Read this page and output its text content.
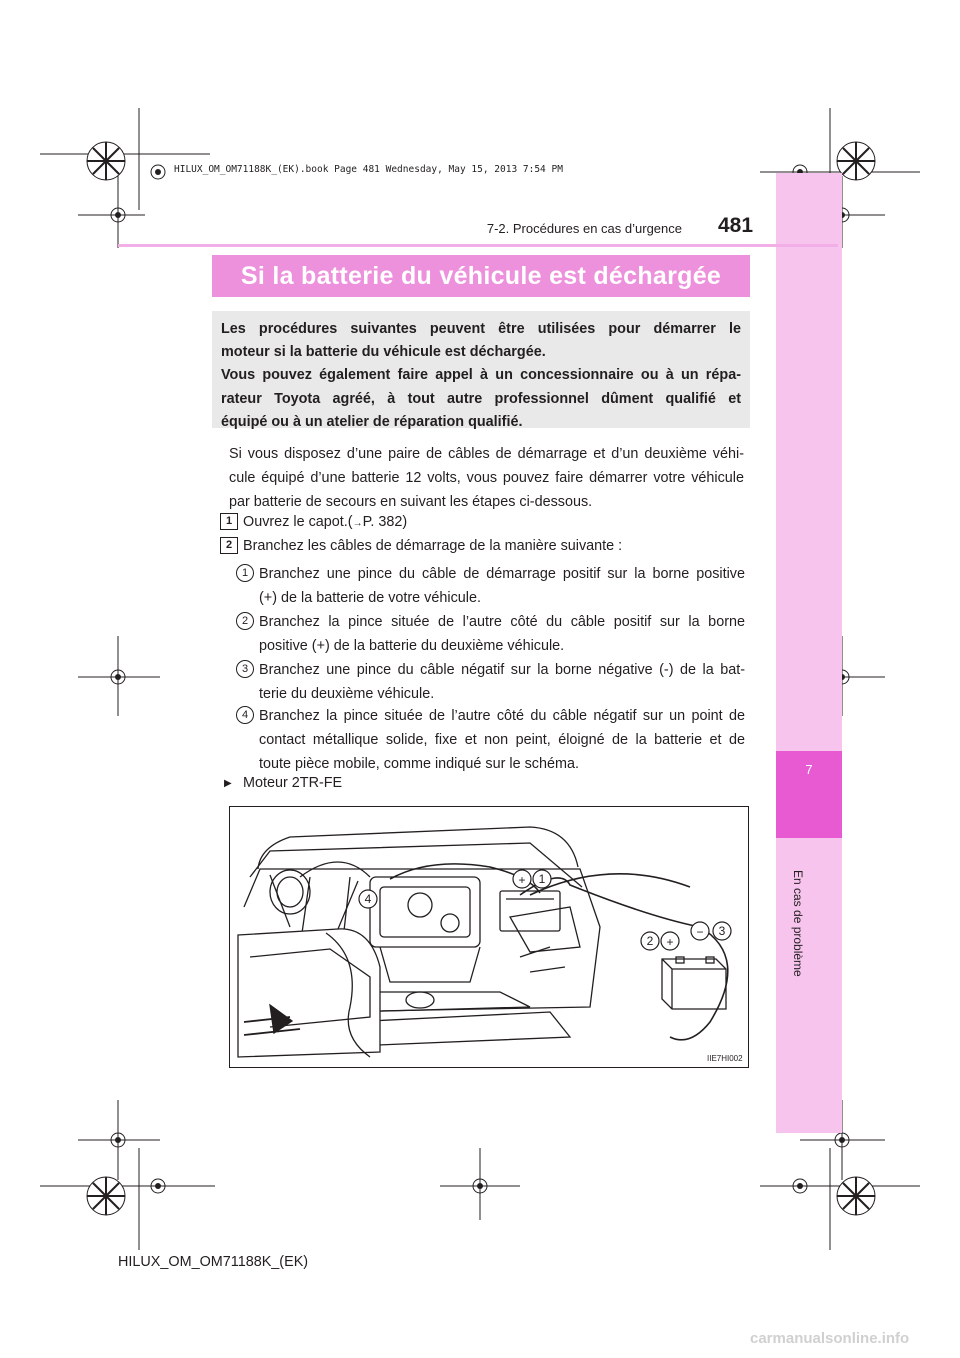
7
En cas de problème
HILUX_OM_OM71188K_(EK).book Page 481 Wednesday, May 15, 2013 7:54 PM
7-2. Procédures en cas d’urgence 481
Si la batterie du véhicule est déchargée
Les procédures suivantes peuvent être utilisées pour démarrer le
moteur si la batterie du véhicule est déchargée.
Vous pouvez également faire appel à un concessionnaire ou à un répa-
rateur Toyota agréé, à tout autre professionnel dûment qualifié et
équipé ou à un atelier de réparation qualifié.
Si vous disposez d’une paire de câbles de démarrage et d’un deuxième véhi-
cule équipé d’une batterie 12 volts, vous pouvez faire démarrer votre véhicule
par batterie de secours en suivant les étapes ci-dessous.
1 Ouvrez le capot.(→P. 382)
2 Branchez les câbles de démarrage de la manière suivante :
1 Branchez une pince du câble de démarrage positif sur la borne positive
(+) de la batterie de votre véhicule.
2 Branchez la pince située de l’autre côté du câble positif sur la borne
positive (+) de la batterie du deuxième véhicule.
3 Branchez une pince du câble négatif sur la borne négative (-) de la bat-
terie du deuxième véhicule.
4 Branchez la pince située de l’autre côté du câble négatif sur un point de
contact métallique solide, fixe et non peint, éloigné de la batterie et de
toute pièce mobile, comme indiqué sur le schéma.
▶ Moteur 2TR-FE
+ 1
4
2 +
− 3
IIE7HI002
HILUX_OM_OM71188K_(EK)
carmanualsonline.info
